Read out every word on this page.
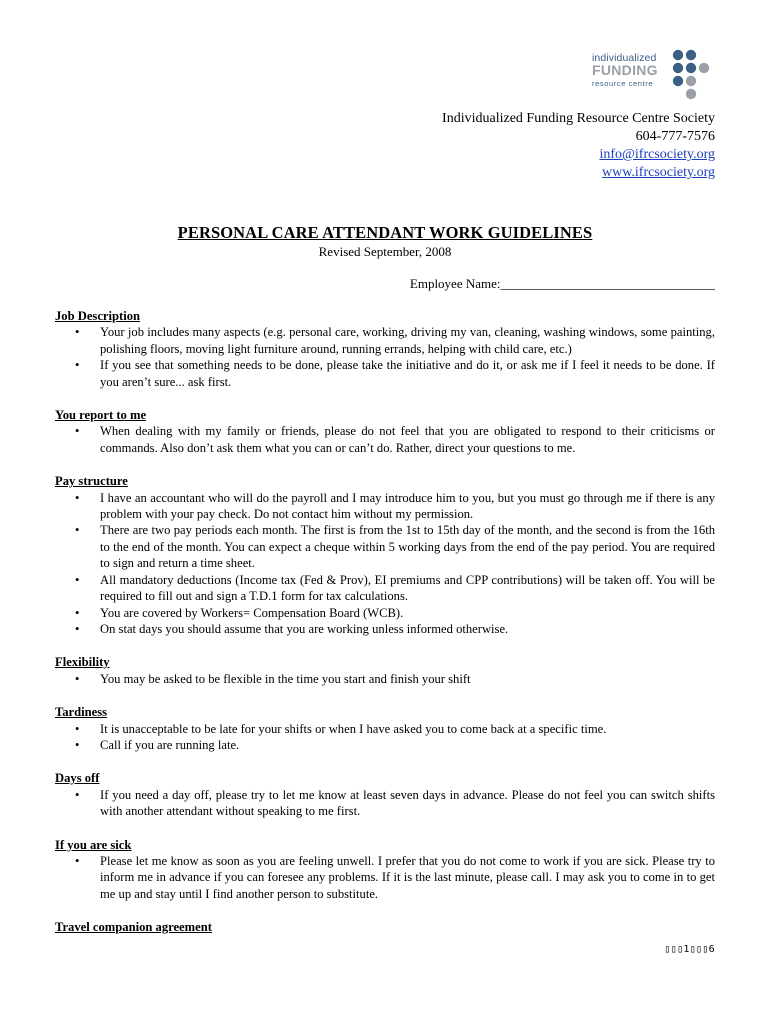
individualized
FUNDING
resource centre
Individualized Funding Resource Centre Society
604-777-7576
info@ifrcsociety.org
www.ifrcsociety.org
PERSONAL CARE ATTENDANT WORK GUIDELINES
Revised September, 2008
Employee Name:_________________________________
Job Description
• Your job includes many aspects (e.g. personal care, working, driving my van, cleaning, washing windows, some painting, polishing floors, moving light furniture around, running errands, helping with child care, etc.)
• If you see that something needs to be done, please take the initiative and do it, or ask me if I feel it needs to be done. If you aren’t sure... ask first.
You report to me
• When dealing with my family or friends, please do not feel that you are obligated to respond to their criticisms or commands. Also don’t ask them what you can or can’t do. Rather, direct your questions to me.
Pay structure
• I have an accountant who will do the payroll and I may introduce him to you, but you must go through me if there is any problem with your pay check. Do not contact him without my permission.
• There are two pay periods each month. The first is from the 1st to 15th day of the month, and the second is from the 16th to the end of the month. You can expect a cheque within 5 working days from the end of the pay period. You are required to sign and return a time sheet.
• All mandatory deductions (Income tax (Fed & Prov), EI premiums and CPP contributions) will be taken off. You will be required to fill out and sign a T.D.1 form for tax calculations.
• You are covered by Workers= Compensation Board (WCB).
• On stat days you should assume that you are working unless informed otherwise.
Flexibility
• You may be asked to be flexible in the time you start and finish your shift
Tardiness
• It is unacceptable to be late for your shifts or when I have asked you to come back at a specific time.
• Call if you are running late.
Days off
• If you need a day off, please try to let me know at least seven days in advance. Please do not feel you can switch shifts with another attendant without speaking to me first.
If you are sick
• Please let me know as soon as you are feeling unwell. I prefer that you do not come to work if you are sick. Please try to inform me in advance if you can foresee any problems. If it is the last minute, please call. I may ask you to come in to get me up and stay until I find another person to substitute.
Travel companion agreement
▯▯▯1▯▯▯6
